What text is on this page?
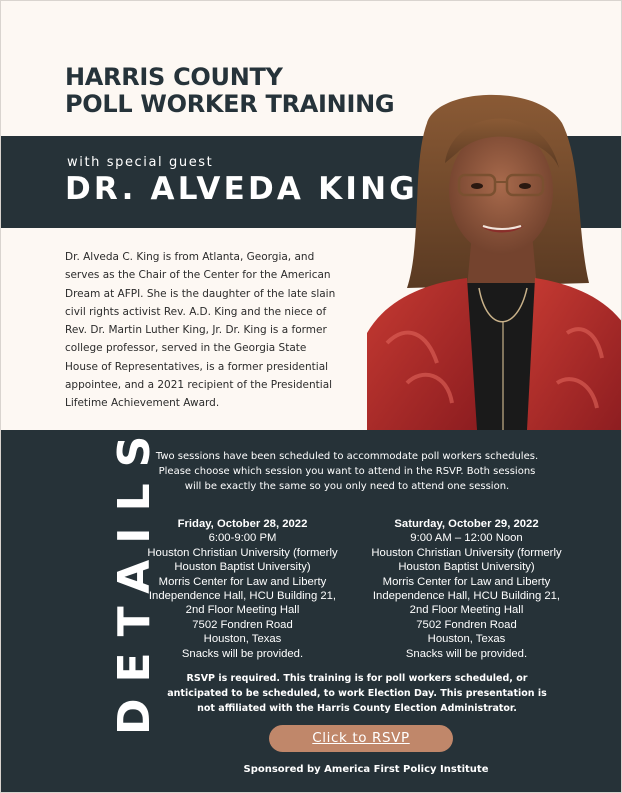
HARRIS COUNTY
POLL WORKER TRAINING
with special guest
DR. ALVEDA KING
Dr. Alveda C. King is from Atlanta, Georgia, and
serves as the Chair of the Center for the American
Dream at AFPI. She is the daughter of the late slain
civil rights activist Rev. A.D. King and the niece of
Rev. Dr. Martin Luther King, Jr. Dr. King is a former
college professor, served in the Georgia State
House of Representatives, is a former presidential
appointee, and a 2021 recipient of the Presidential
Lifetime Achievement Award.
DETAILS
Two sessions have been scheduled to accommodate poll workers schedules.
Please choose which session you want to attend in the RSVP. Both sessions
will be exactly the same so you only need to attend one session.
Friday, October 28, 2022
6:00-9:00 PM
Houston Christian University (formerly
Houston Baptist University)
Morris Center for Law and Liberty
Independence Hall, HCU Building 21,
2nd Floor Meeting Hall
7502 Fondren Road
Houston, Texas
Snacks will be provided.
Saturday, October 29, 2022
9:00 AM – 12:00 Noon
Houston Christian University (formerly
Houston Baptist University)
Morris Center for Law and Liberty
Independence Hall, HCU Building 21,
2nd Floor Meeting Hall
7502 Fondren Road
Houston, Texas
Snacks will be provided.
RSVP is required. This training is for poll workers scheduled, or
anticipated to be scheduled, to work Election Day. This presentation is
not affiliated with the Harris County Election Administrator.
Click to RSVP
Sponsored by America First Policy Institute
